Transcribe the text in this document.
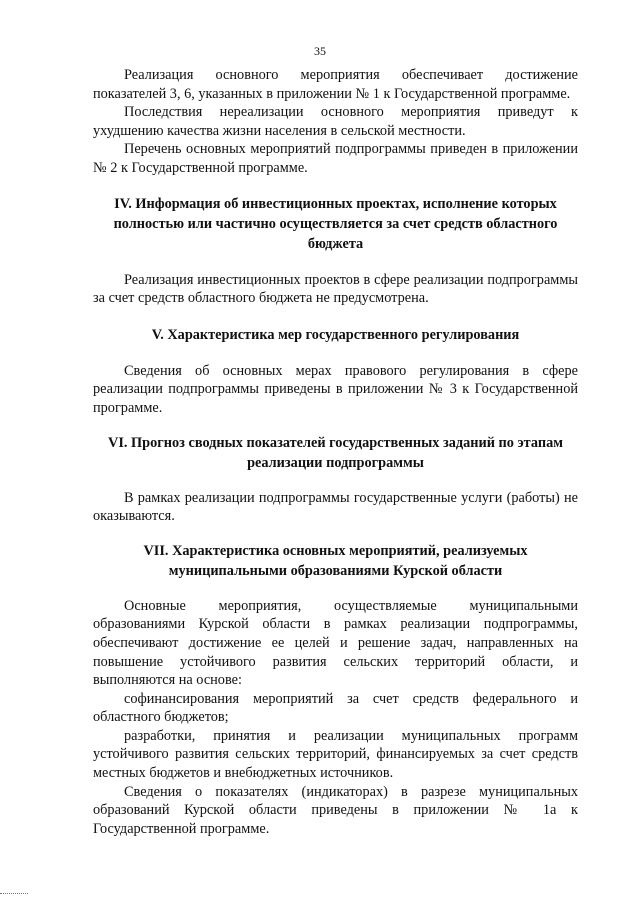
35

Реализация основного мероприятия обеспечивает достижение показателей 3, 6, указанных в приложении № 1 к Государственной программе.

Последствия нереализации основного мероприятия приведут к ухудшению качества жизни населения в сельской местности.

Перечень основных мероприятий подпрограммы приведен в приложении № 2 к Государственной программе.

IV. Информация об инвестиционных проектах, исполнение которых полностью или частично осуществляется за счет средств областного бюджета

Реализация инвестиционных проектов в сфере реализации подпрограммы за счет средств областного бюджета не предусмотрена.

V. Характеристика мер государственного регулирования

Сведения об основных мерах правового регулирования в сфере реализации подпрограммы приведены в приложении № 3 к Государственной программе.

VI. Прогноз сводных показателей государственных заданий по этапам реализации подпрограммы

В рамках реализации подпрограммы государственные услуги (работы) не оказываются.

VII. Характеристика основных мероприятий, реализуемых муниципальными образованиями Курской области

Основные мероприятия, осуществляемые муниципальными образованиями Курской области в рамках реализации подпрограммы, обеспечивают достижение ее целей и решение задач, направленных на повышение устойчивого развития сельских территорий области, и выполняются на основе:

софинансирования мероприятий за счет средств федерального и областного бюджетов;

разработки, принятия и реализации муниципальных программ устойчивого развития сельских территорий, финансируемых за счет средств местных бюджетов и внебюджетных источников.

Сведения о показателях (индикаторах) в разрезе муниципальных образований Курской области приведены в приложении № 1а к Государственной программе.
